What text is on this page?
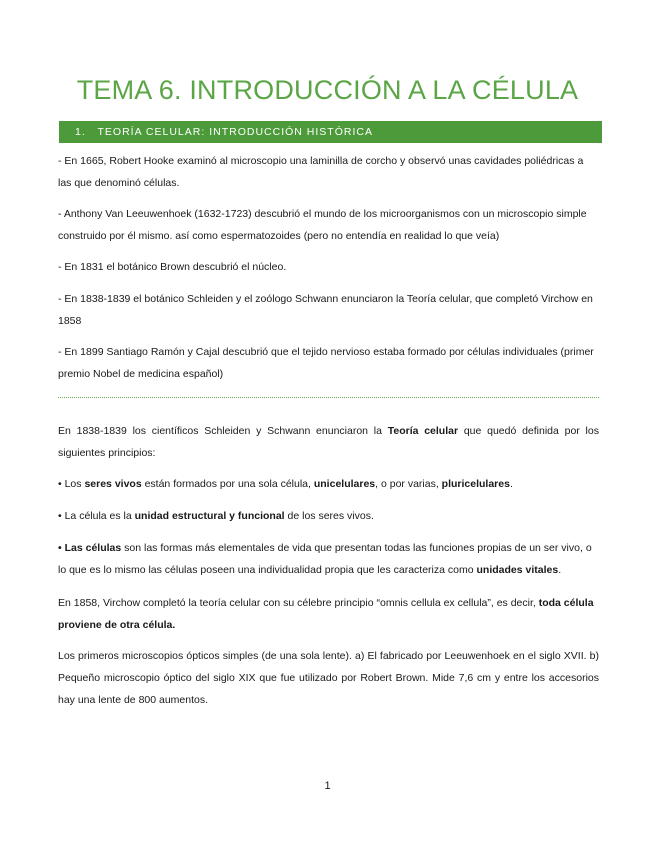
TEMA 6. INTRODUCCIÓN A LA CÉLULA
1. TEORÍA CELULAR: INTRODUCCIÓN HISTÓRICA

- En 1665, Robert Hooke examinó al microscopio una laminilla de corcho y observó unas cavidades poliédricas a las que denominó células.

- Anthony Van Leeuwenhoek (1632-1723) descubrió el mundo de los microorganismos con un microscopio simple construido por él mismo. así como espermatozoides (pero no entendía en realidad lo que veía)

- En 1831 el botánico Brown descubrió el núcleo.

- En 1838-1839 el botánico Schleiden y el zoólogo Schwann enunciaron la Teoría celular, que completó Virchow en 1858

- En 1899 Santiago Ramón y Cajal descubrió que el tejido nervioso estaba formado por células individuales (primer premio Nobel de medicina español)

En 1838-1839 los científicos Schleiden y Schwann enunciaron la Teoría celular que quedó definida por los siguientes principios:

• Los seres vivos están formados por una sola célula, unicelulares, o por varias, pluricelulares.

• La célula es la unidad estructural y funcional de los seres vivos.

• Las células son las formas más elementales de vida que presentan todas las funciones propias de un ser vivo, o lo que es lo mismo las células poseen una individualidad propia que les caracteriza como unidades vitales.

En 1858, Virchow completó la teoría celular con su célebre principio “omnis cellula ex cellula”, es decir, toda célula proviene de otra célula.

Los primeros microscopios ópticos simples (de una sola lente). a) El fabricado por Leeuwenhoek en el siglo XVII. b) Pequeño microscopio óptico del siglo XIX que fue utilizado por Robert Brown. Mide 7,6 cm y entre los accesorios hay una lente de 800 aumentos.

1
